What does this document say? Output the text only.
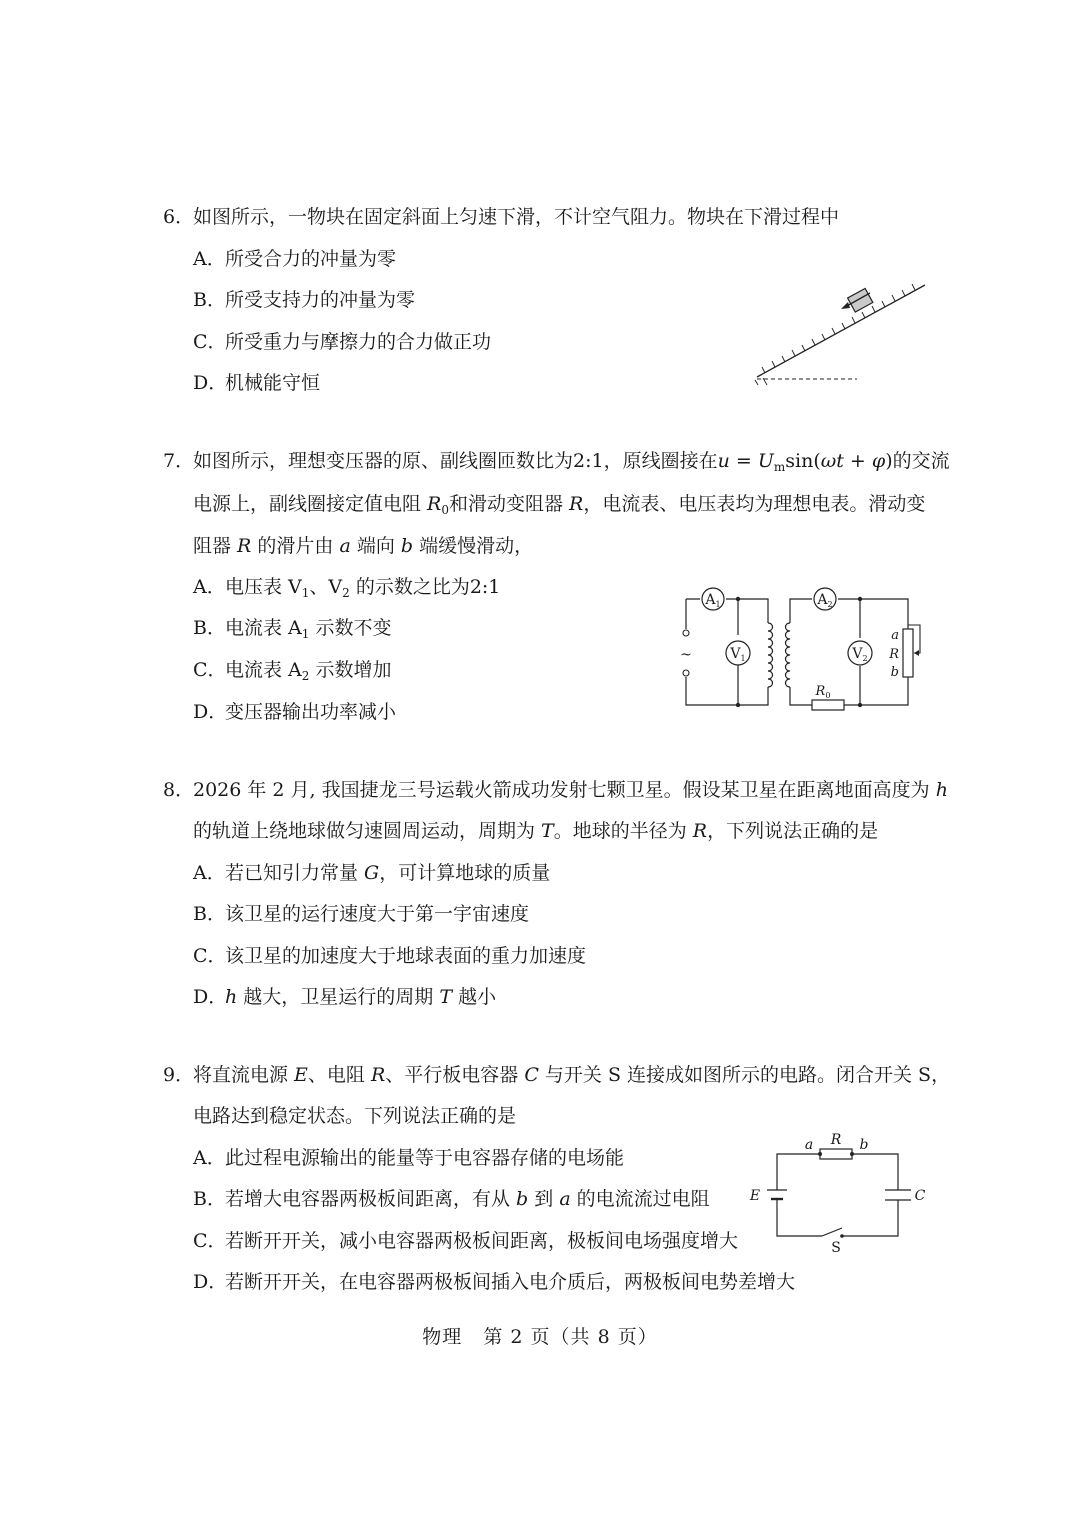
6．如图所示，一物块在固定斜面上匀速下滑，不计空气阻力。物块在下滑过程中
A．所受合力的冲量为零
B．所受支持力的冲量为零
C．所受重力与摩擦力的合力做正功
D．机械能守恒
7．如图所示，理想变压器的原、副线圈匝数比为2:1，原线圈接在$u = U_m\sin(\omega t + \varphi)$的交流
电源上，副线圈接定值电阻 $R_0$和滑动变阻器 R，电流表、电压表均为理想电表。滑动变
阻器 R 的滑片由 a 端向 b 端缓慢滑动，
A．电压表 $V_1$、$V_2$ 的示数之比为2:1
B．电流表 $A_1$ 示数不变
C．电流表 $A_2$ 示数增加
D．变压器输出功率减小
$A_1$	$A_2$
$V_1$	$V_2$
~
$R_0$
a
R
b
8．2026 年 2 月, 我国捷龙三号运载火箭成功发射七颗卫星。假设某卫星在距离地面高度为 h
的轨道上绕地球做匀速圆周运动，周期为 T。地球的半径为 R，下列说法正确的是
A．若已知引力常量 G，可计算地球的质量
B．该卫星的运行速度大于第一宇宙速度
C．该卫星的加速度大于地球表面的重力加速度
D．h 越大，卫星运行的周期 T 越小
9．将直流电源 E、电阻 R、平行板电容器 C 与开关 S 连接成如图所示的电路。闭合开关 S，
电路达到稳定状态。下列说法正确的是
A．此过程电源输出的能量等于电容器存储的电场能
B．若增大电容器两极板间距离，有从 b 到 a 的电流流过电阻
C．若断开开关，减小电容器两极板间距离，极板间电场强度增大
D．若断开开关，在电容器两极板间插入电介质后，两极板间电势差增大
a R b
E	C
S
物理 第 2 页（共 8 页）
